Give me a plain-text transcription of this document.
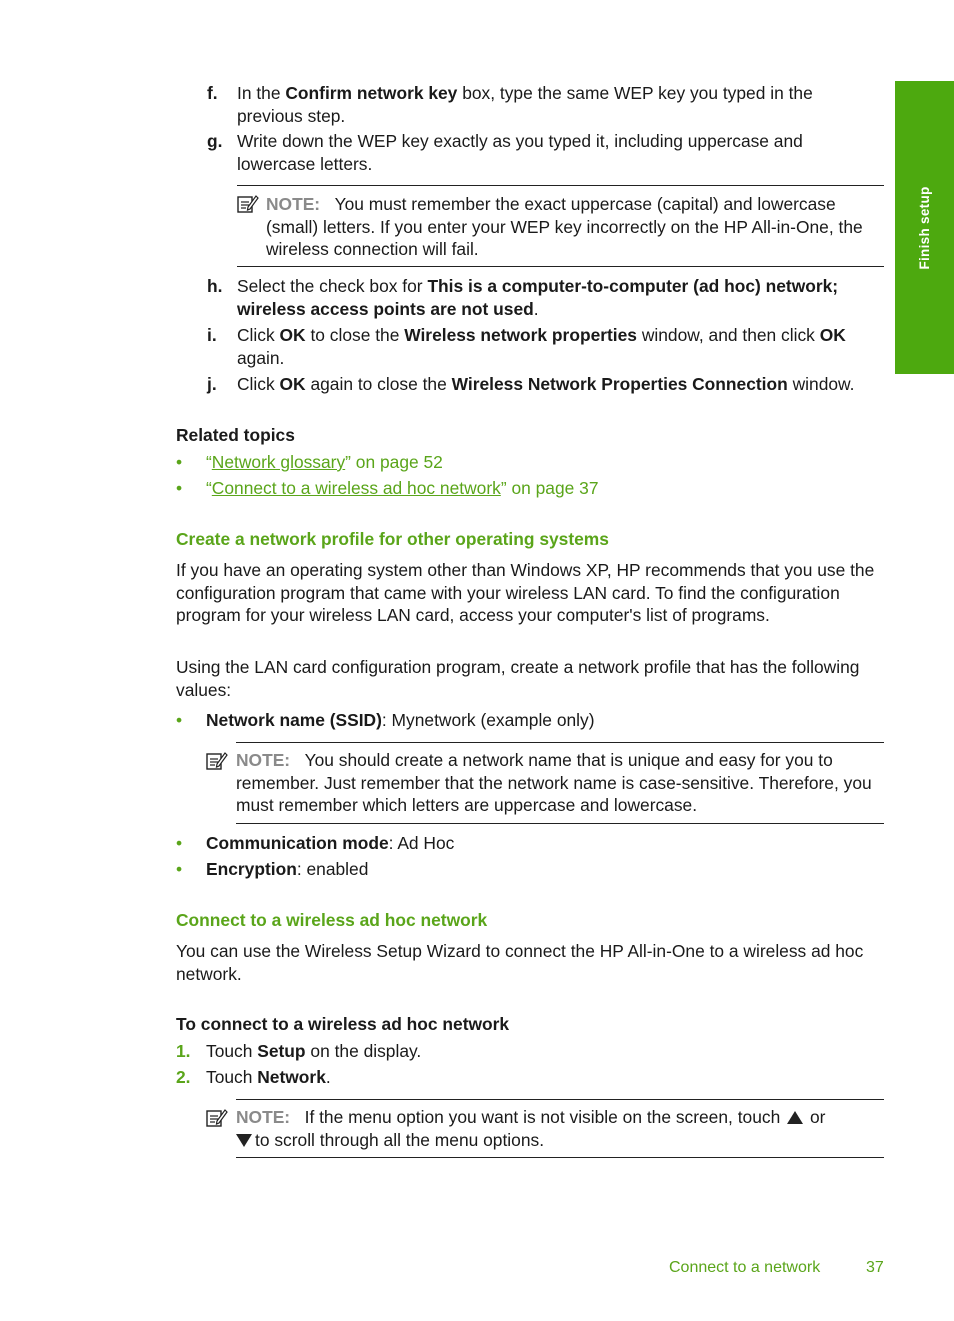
Finish setup
f. In the Confirm network key box, type the same WEP key you typed in the previous step.
g. Write down the WEP key exactly as you typed it, including uppercase and lowercase letters.
NOTE: You must remember the exact uppercase (capital) and lowercase (small) letters. If you enter your WEP key incorrectly on the HP All-in-One, the wireless connection will fail.
h. Select the check box for This is a computer-to-computer (ad hoc) network; wireless access points are not used.
i. Click OK to close the Wireless network properties window, and then click OK again.
j. Click OK again to close the Wireless Network Properties Connection window.
Related topics
• “Network glossary” on page 52
• “Connect to a wireless ad hoc network” on page 37
Create a network profile for other operating systems
If you have an operating system other than Windows XP, HP recommends that you use the configuration program that came with your wireless LAN card. To find the configuration program for your wireless LAN card, access your computer's list of programs.
Using the LAN card configuration program, create a network profile that has the following values:
• Network name (SSID): Mynetwork (example only)
NOTE: You should create a network name that is unique and easy for you to remember. Just remember that the network name is case-sensitive. Therefore, you must remember which letters are uppercase and lowercase.
• Communication mode: Ad Hoc
• Encryption: enabled
Connect to a wireless ad hoc network
You can use the Wireless Setup Wizard to connect the HP All-in-One to a wireless ad hoc network.
To connect to a wireless ad hoc network
1. Touch Setup on the display.
2. Touch Network.
NOTE: If the menu option you want is not visible on the screen, touch or
to scroll through all the menu options.
Connect to a network	37
